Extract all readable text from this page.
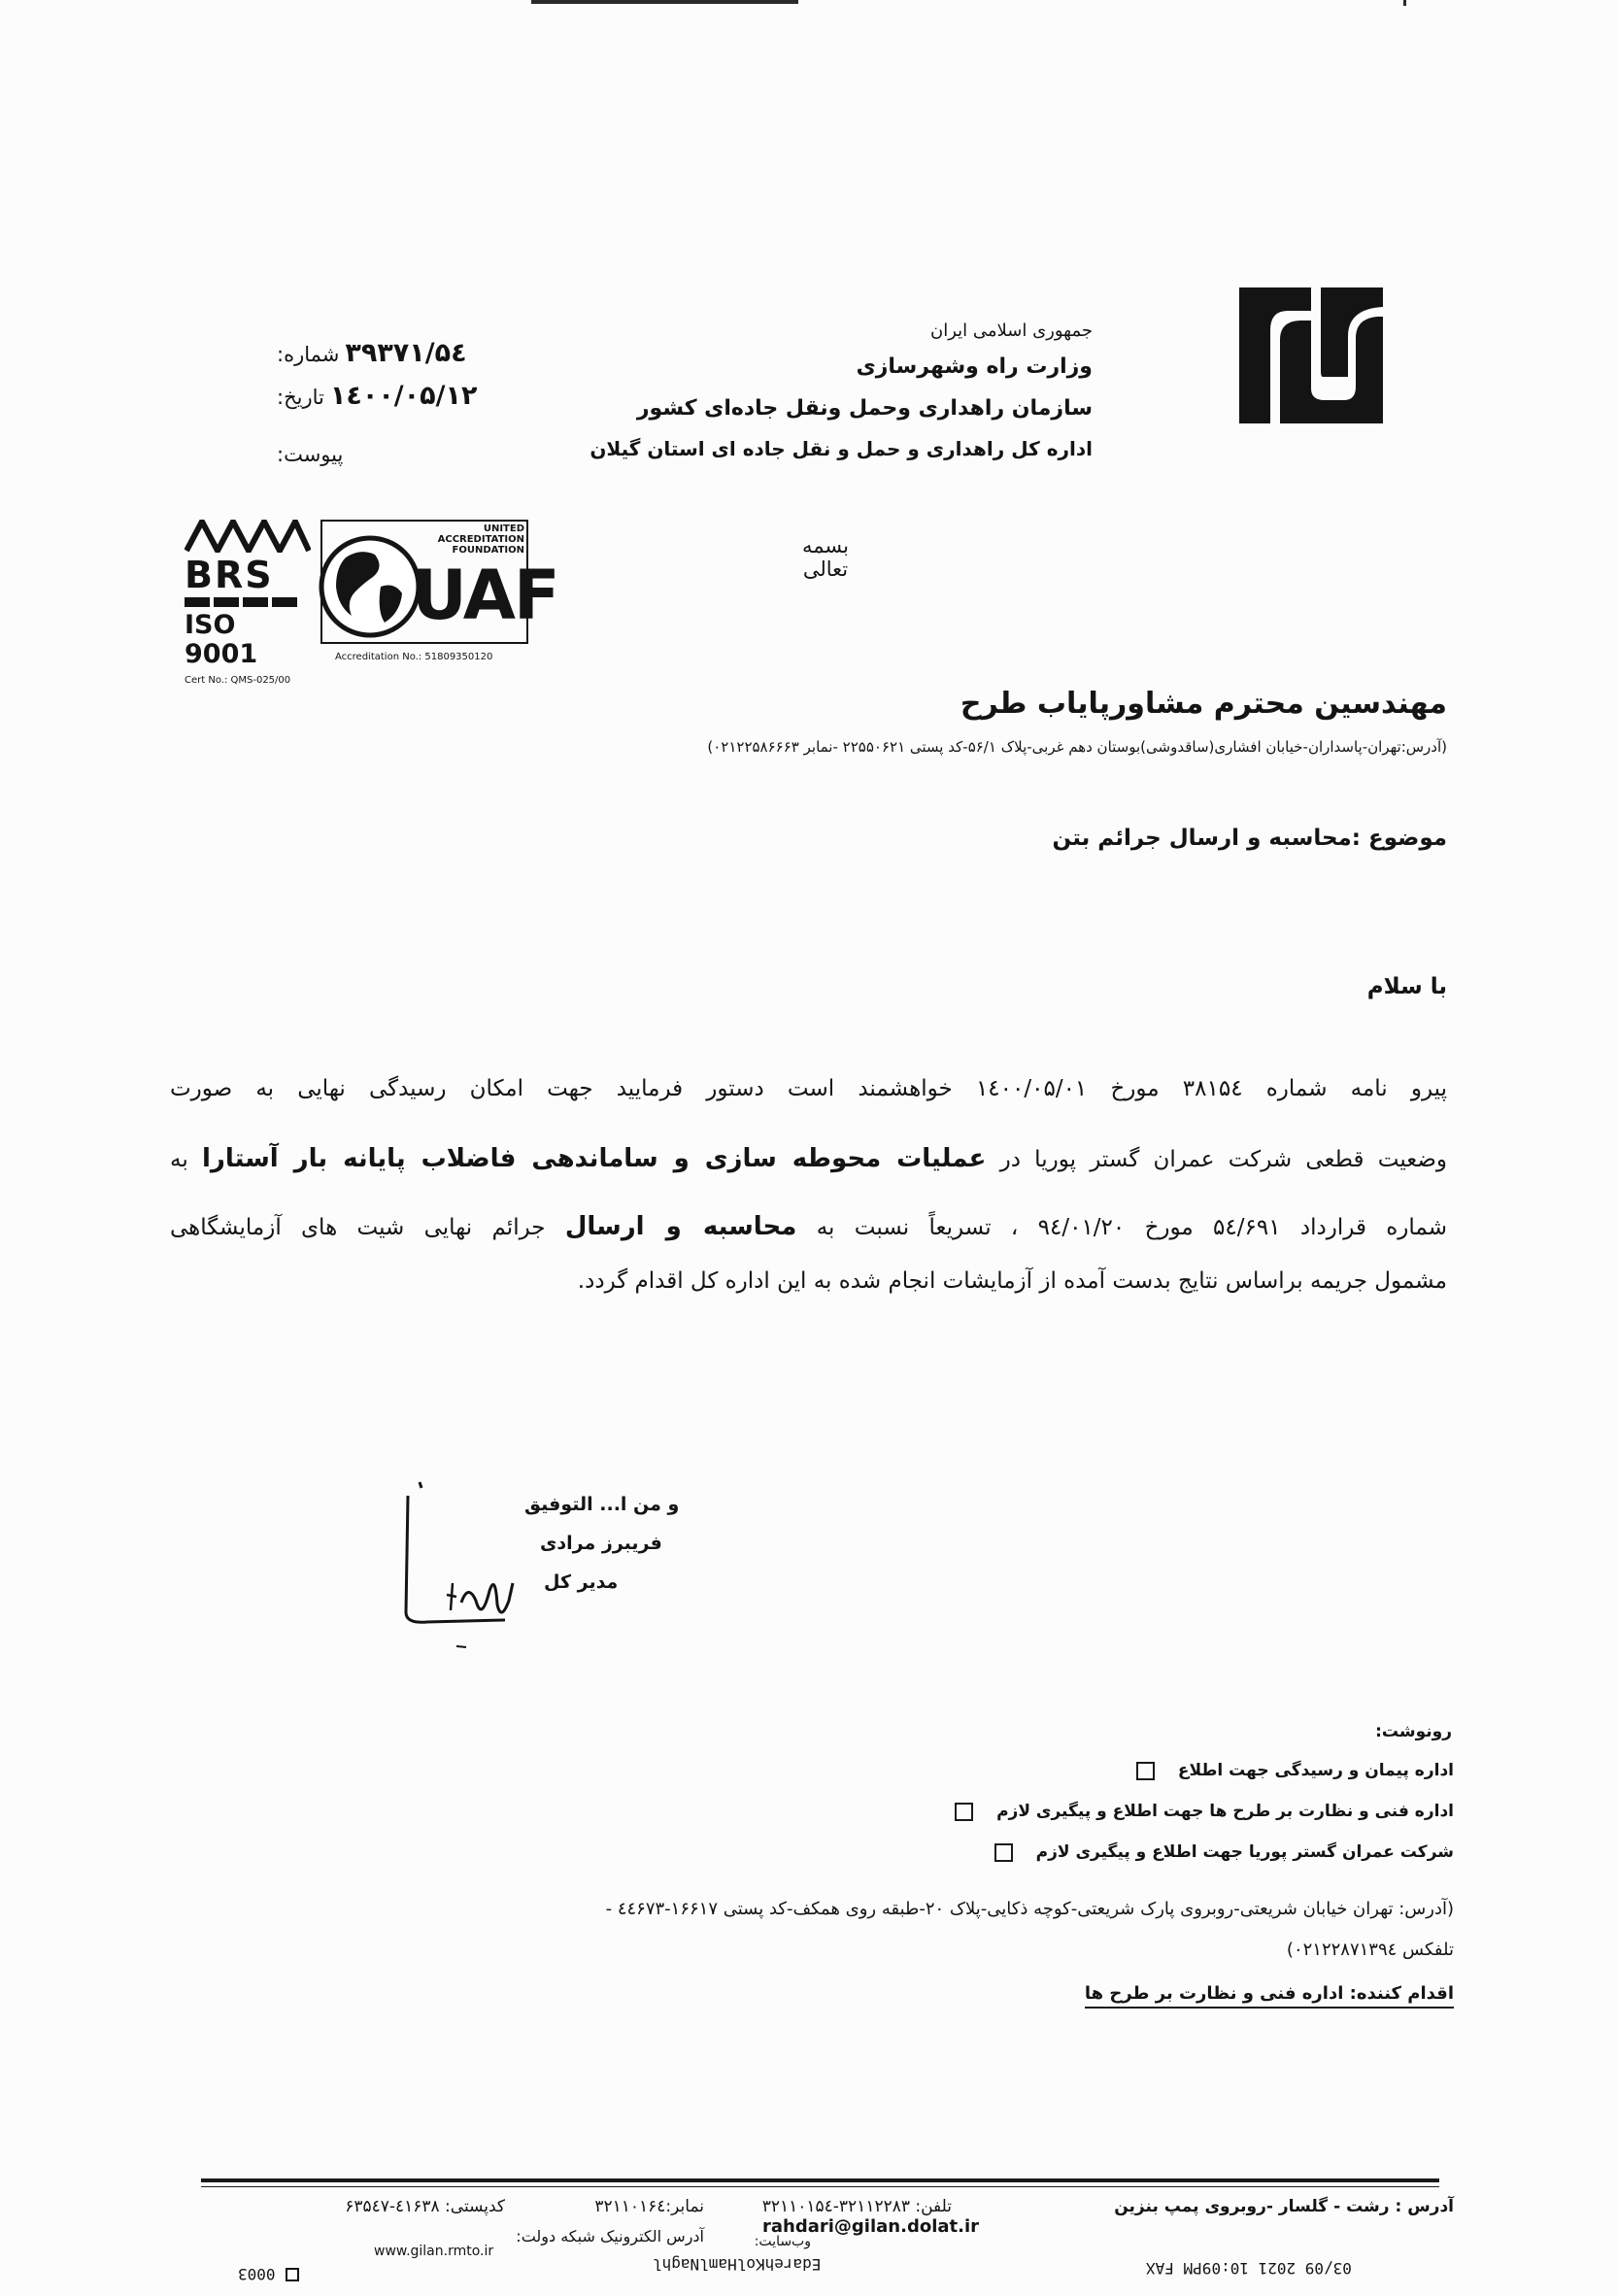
جمهوری اسلامی ایران
وزارت راه وشهرسازی
سازمان راهداری وحمل ونقل جاده‌ای کشور
اداره کل راهداری و حمل و نقل جاده ای استان گیلان
شماره: ۵٤/۳۹۳۷۱
تاریخ: ۱٤۰۰/۰۵/۱۲
پیوست:
BRS
ISO 9001
Cert No.: QMS-025/00
UNITED ACCREDITATION FOUNDATION
UAF
Accreditation No.: 51809350120
بسمه تعالی
مهندسین محترم مشاورپایاب طرح
(آدرس:تهران-پاسداران-خیابان افشاری(ساقدوشی)بوستان دهم غربی-پلاک ۵۶/۱-کد پستی ۲۲۵۵۰۶۲۱ -نمابر ۰۲۱۲۲۵۸۶۶۶۳)
موضوع :محاسبه و ارسال جرائم بتن
با سلام
پیرو نامه شماره ۳۸۱۵٤ مورخ ۱٤۰۰/۰۵/۰۱ خواهشمند است دستور فرمایید جهت امکان رسیدگی نهایی به صورت
وضعیت قطعی شرکت عمران گستر پوریا در عملیات محوطه سازی و ساماندهی فاضلاب پایانه بار آستارا به
شماره قرارداد ۵٤/۶۹۱ مورخ ۹٤/۰۱/۲۰ ، تسریعاً نسبت به محاسبه و ارسال جرائم نهایی شیت های آزمایشگاهی
مشمول جریمه براساس نتایج بدست آمده از آزمایشات انجام شده به این اداره کل اقدام گردد.
و من ا... التوفیق
فریبرز مرادی
مدیر کل
رونوشت:
اداره پیمان و رسیدگی جهت اطلاع
اداره فنی و نظارت بر طرح ها جهت اطلاع و پیگیری لازم
شرکت عمران گستر پوریا جهت اطلاع و پیگیری لازم
(آدرس: تهران خیابان شریعتی-روبروی پارک شریعتی-کوچه ذکایی-پلاک ۲۰-طبقه روی همکف-کد پستی ۱۶۶۱۷-٤٤۶۷۳ -
تلفکس ۰۲۱۲۲۸۷۱۳۹٤)
اقدام کننده: اداره فنی و نظارت بر طرح ها
آدرس : رشت - گلسار -روبروی پمپ بنزین
تلفن: ۳۲۱۱۲۲۸۳-۳۲۱۱۰۱۵٤
نمابر:۳۲۱۱۰۱۶٤
کدپستی: ٤۱۶۳۸-۶۳۵٤۷
آدرس الکترونیک شبکه دولت:	rahdari@gilan.dolat.ir
وب‌سایت:
www.gilan.rmto.ir
03/09 2021 10:09PM FAX
EdarehKolHamlNaghl
0003
